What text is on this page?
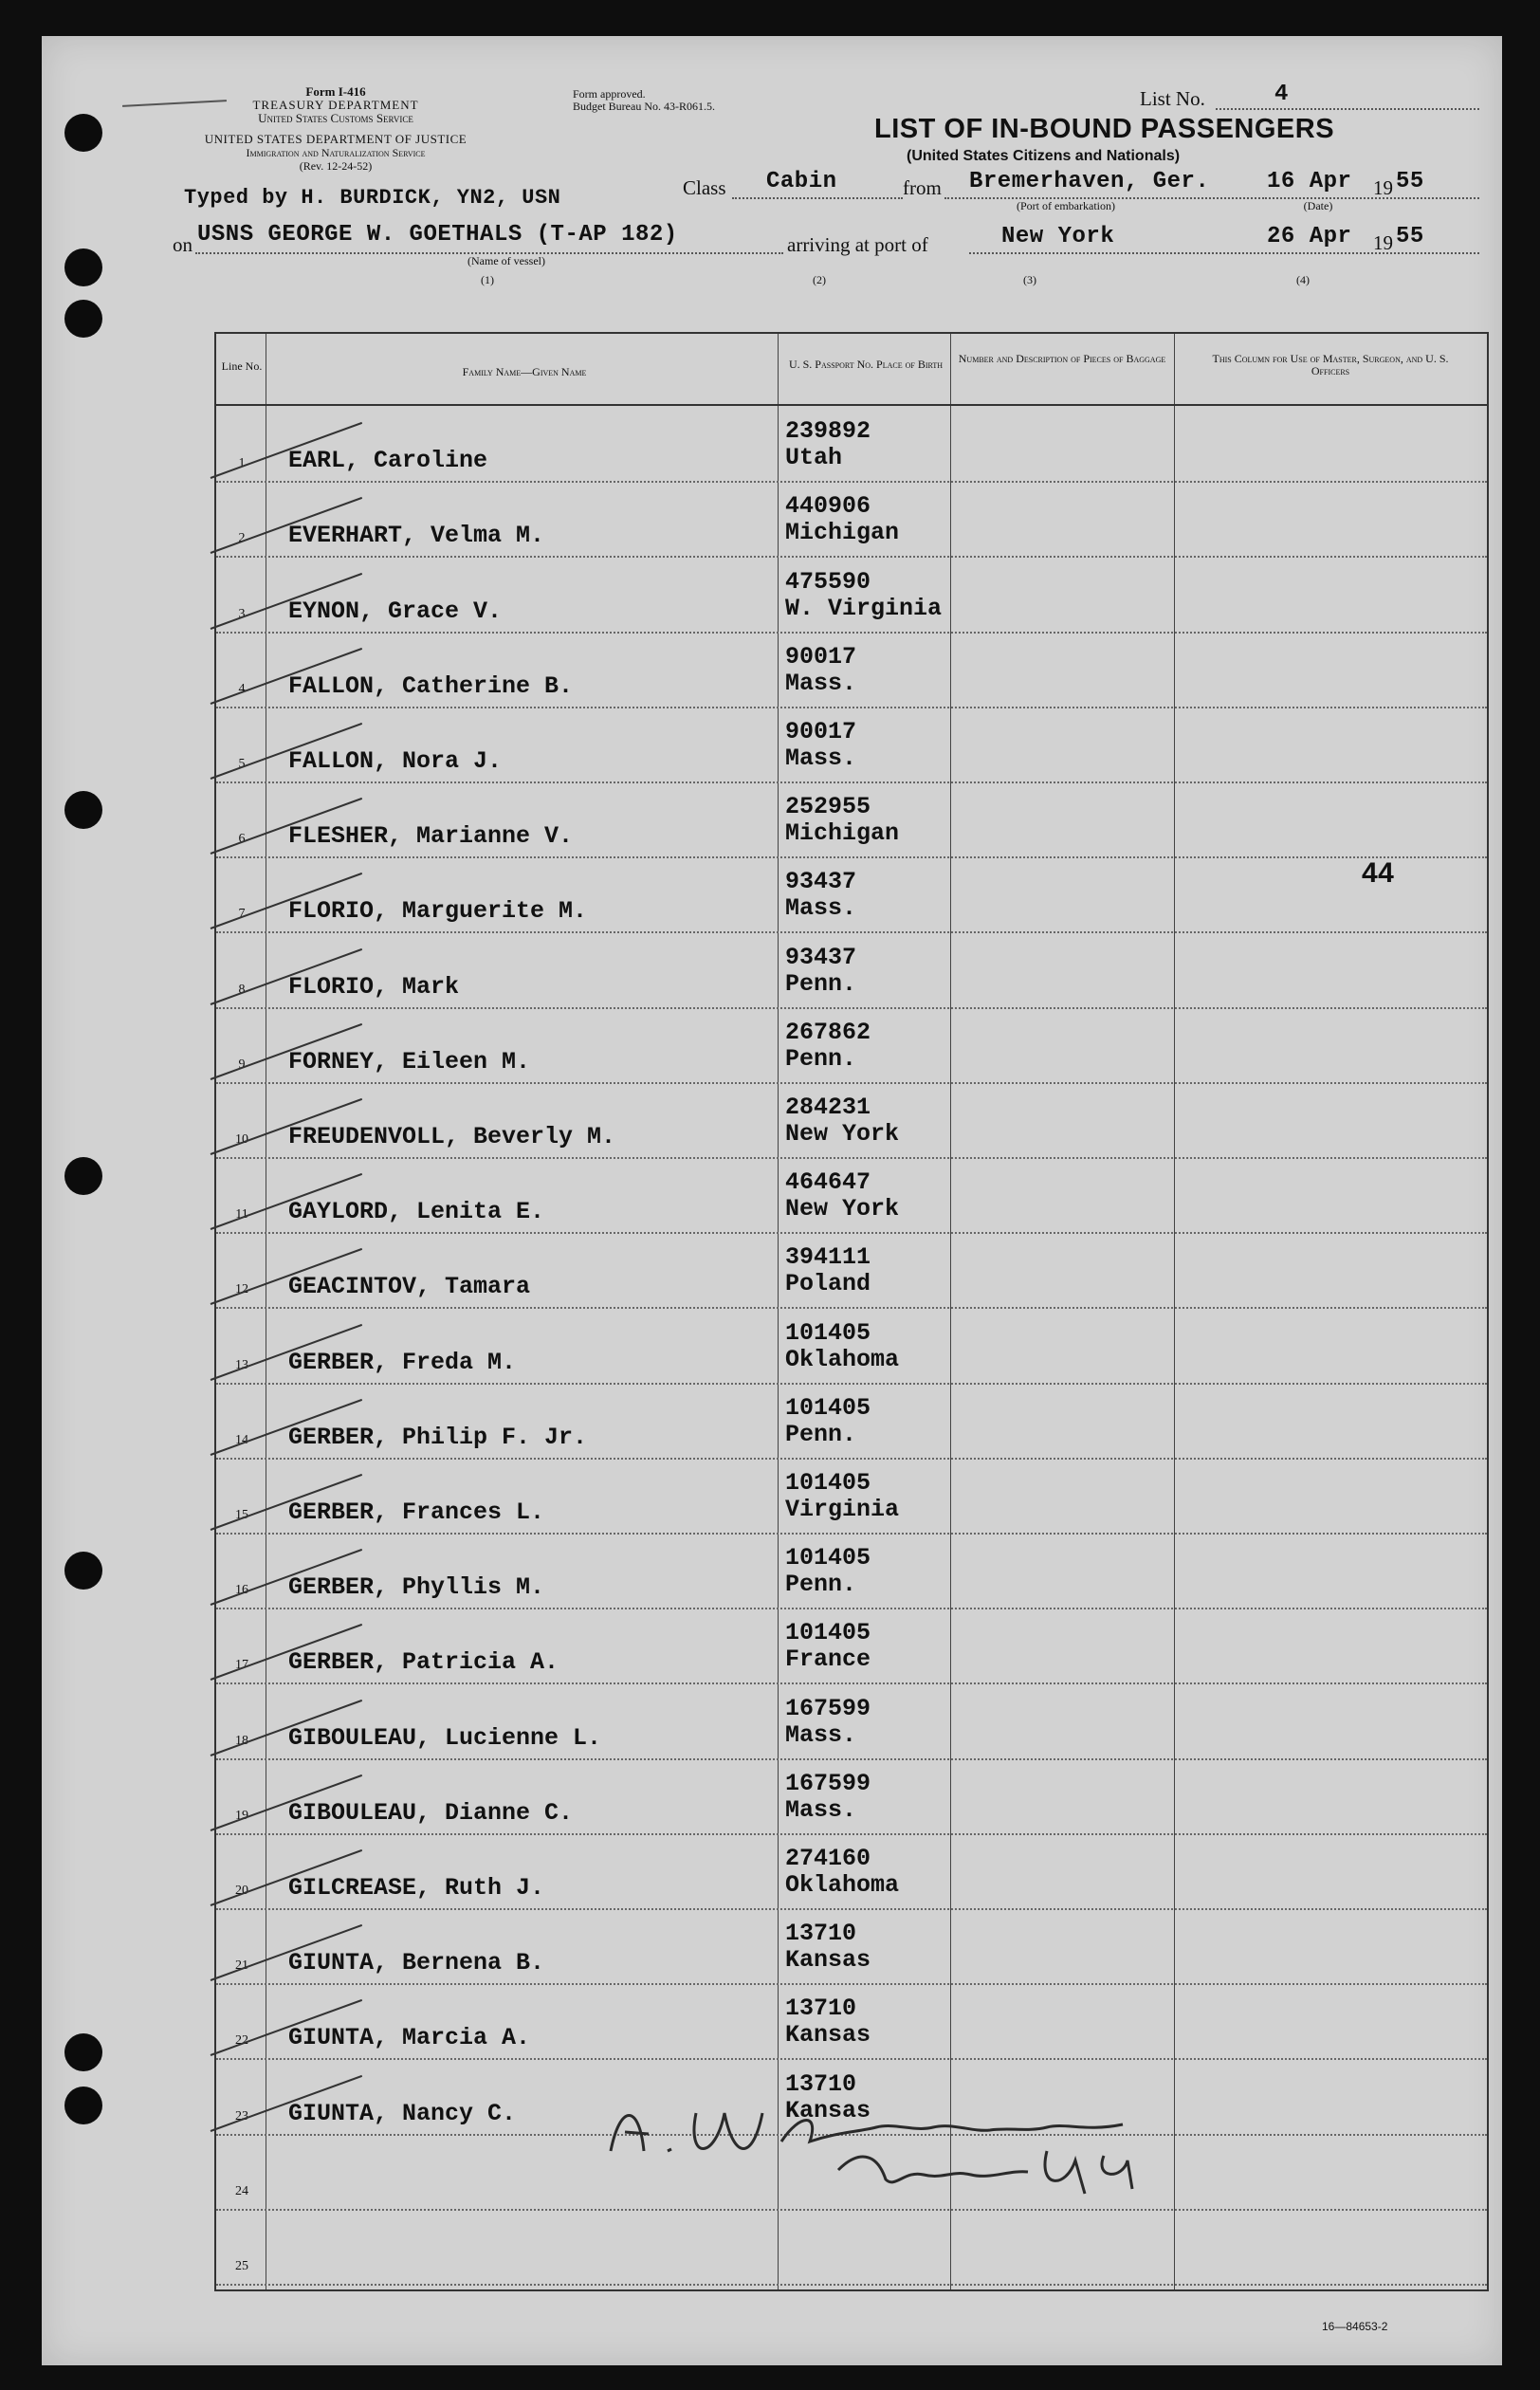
Form I-416
TREASURY DEPARTMENT
United States Customs Service
UNITED STATES DEPARTMENT OF JUSTICE
Immigration and Naturalization Service
(Rev. 12-24-52)
Form approved.
Budget Bureau No. 43-R061.5.	List No.	4
LIST OF IN-BOUND PASSENGERS
(United States Citizens and Nationals)
Typed by H. BURDICK, YN2, USN	Class Cabin	from Bremerhaven, Ger.
(Port of embarkation)
16 Apr 19 55
(Date)
on USNS GEORGE W. GOETHALS (T-AP 182)
(Name of vessel)
arriving at port of	New York	26 Apr 19 55
(1)	(2)	(3)	(4)
Line No.	Family Name—Given Name
U. S. Passport No. Place of Birth	Number and Description of Pieces of Baggage	This Column for Use of Master, Surgeon, and U. S. Officers
1	EARL, Caroline
239892
Utah
2	EVERHART, Velma M.
440906
Michigan
3	EYNON, Grace V.
475590
W. Virginia
4	FALLON, Catherine B.
90017
Mass.
5	FALLON, Nora J.
90017
Mass.
6	FLESHER, Marianne V.
252955
Michigan
7	FLORIO, Marguerite M.
93437
Mass.
8	FLORIO, Mark
93437
Penn.
9	FORNEY, Eileen M.
267862
Penn.
10	FREUDENVOLL, Beverly M.
284231
New York
11	GAYLORD, Lenita E.
464647
New York
12	GEACINTOV, Tamara
394111
Poland
13	GERBER, Freda M.
101405
Oklahoma
14	GERBER, Philip F. Jr.
101405
Penn.
15	GERBER, Frances L.
101405
Virginia
16	GERBER, Phyllis M.
101405
Penn.
17	GERBER, Patricia A.
101405
France
18	GIBOULEAU, Lucienne L.
167599
Mass.
19	GIBOULEAU, Dianne C.
167599
Mass.
20	GILCREASE, Ruth J.
274160
Oklahoma
21	GIUNTA, Bernena B.
13710
Kansas
22	GIUNTA, Marcia A.
13710
Kansas
23	GIUNTA, Nancy C.
13710
Kansas
24
25
44
16—84653-2
